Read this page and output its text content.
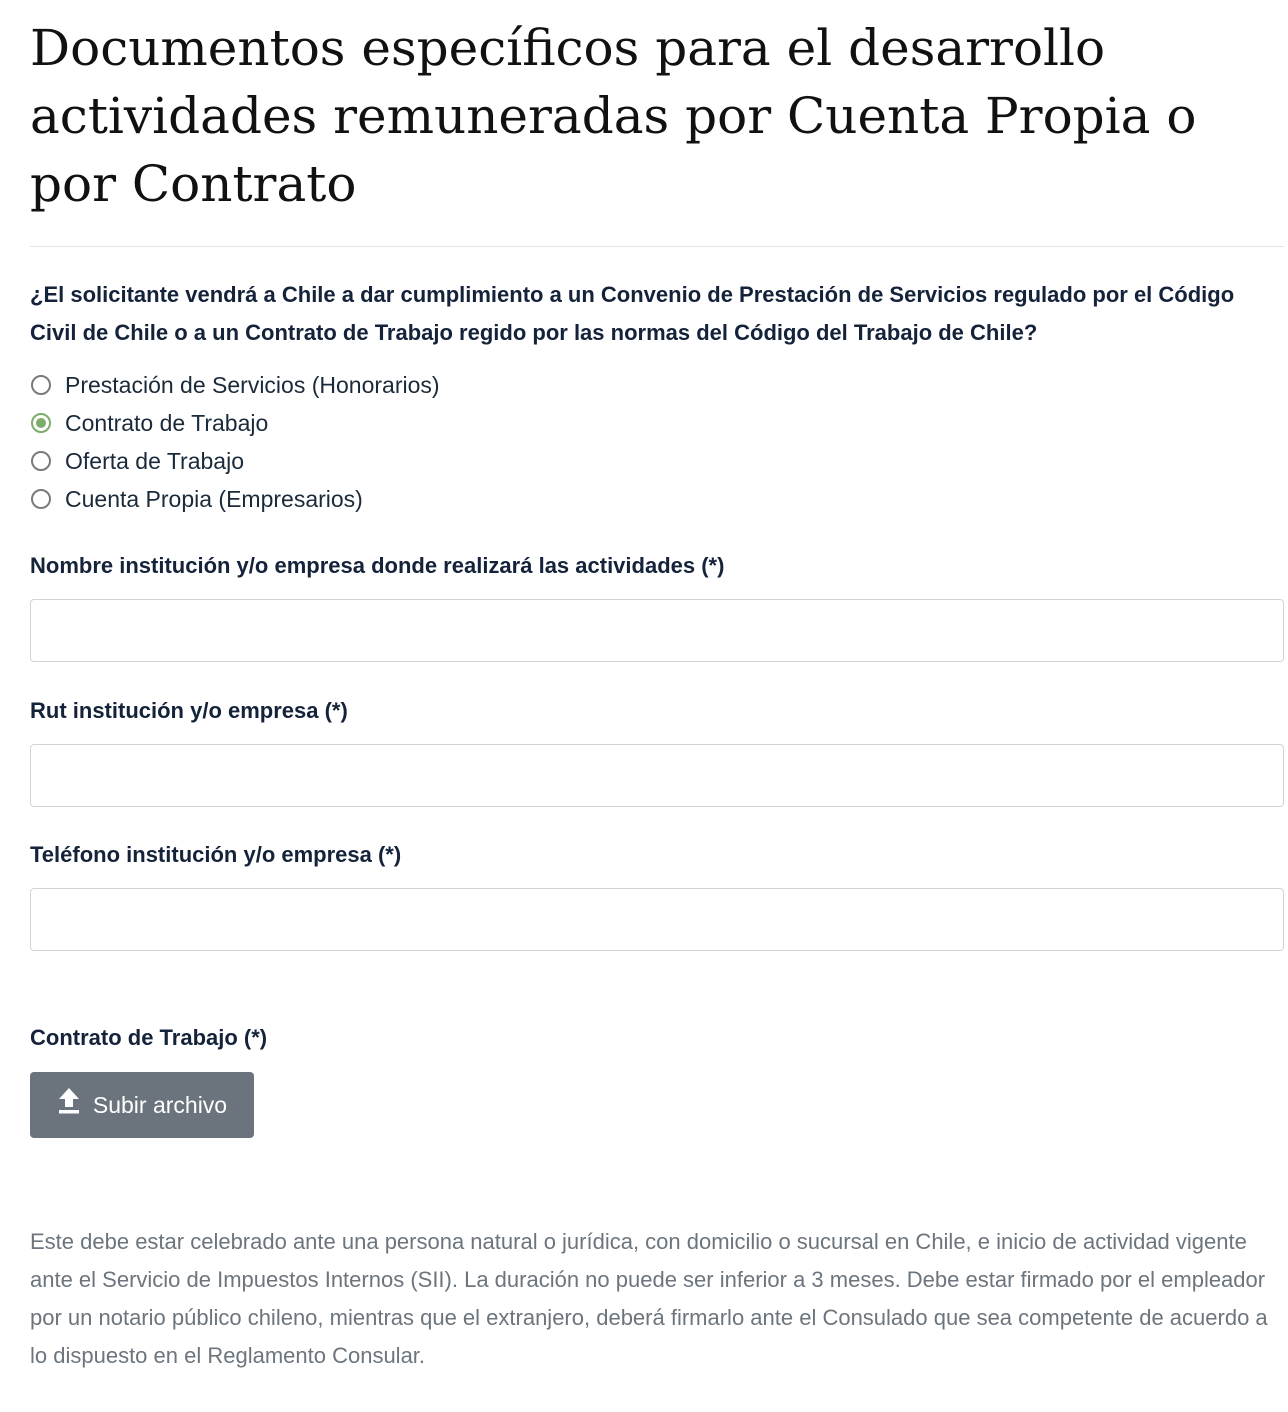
Documentos específicos para el desarrollo actividades remuneradas por Cuenta Propia o por Contrato

¿El solicitante vendrá a Chile a dar cumplimiento a un Convenio de Prestación de Servicios regulado por el Código Civil de Chile o a un Contrato de Trabajo regido por las normas del Código del Trabajo de Chile?

Prestación de Servicios (Honorarios)
Contrato de Trabajo
Oferta de Trabajo
Cuenta Propia (Empresarios)
Nombre institución y/o empresa donde realizará las actividades (*)
Rut institución y/o empresa (*)
Teléfono institución y/o empresa (*)
Contrato de Trabajo (*)
Subir archivo

Este debe estar celebrado ante una persona natural o jurídica, con domicilio o sucursal en Chile, e inicio de actividad vigente ante el Servicio de Impuestos Internos (SII). La duración no puede ser inferior a 3 meses. Debe estar firmado por el empleador por un notario público chileno, mientras que el extranjero, deberá firmarlo ante el Consulado que sea competente de acuerdo a lo dispuesto en el Reglamento Consular.
